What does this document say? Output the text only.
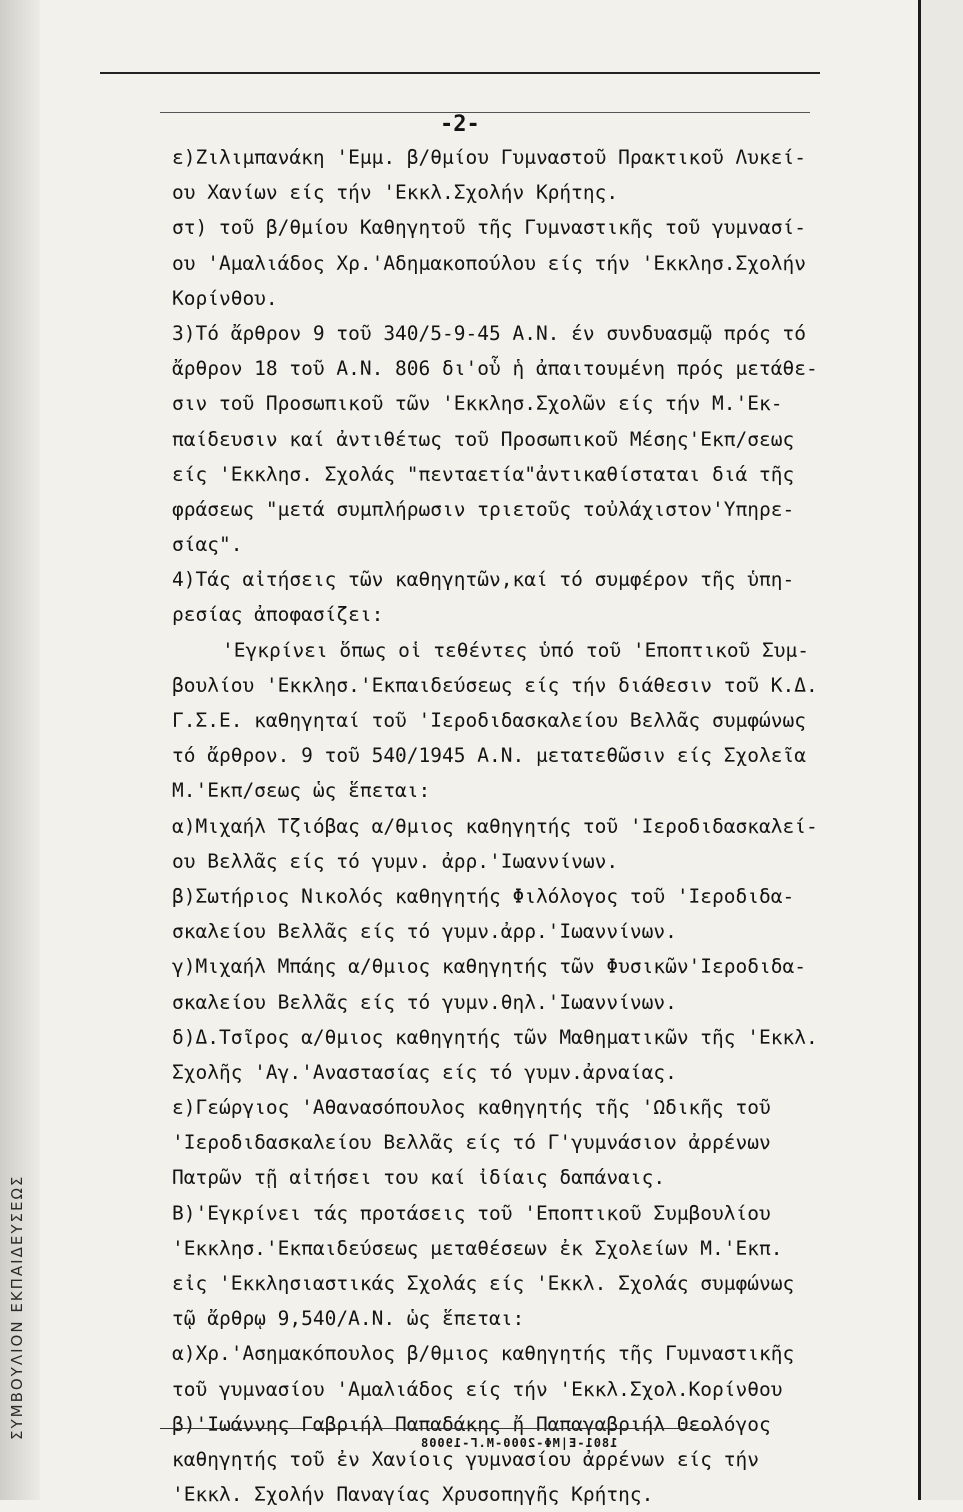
ΣΥΜΒΟΥΛΙΟΝ ΕΚΠΑΙΔΕΥΣΕΩΣ
-2-
ε)Ζιλιμπανάκη 'Εμμ. β/θμίου Γυμναστοῦ Πρακτικοῦ Λυκεί-
ου Χανίων είς τήν 'Εκκλ.Σχολήν Κρήτης.
στ) τοῦ β/θμίου Καθηγητοῦ τῆς Γυμναστικῆς τοῦ γυμνασί-
ου 'Αμαλιάδος Χρ.'Αδημακοπούλου είς τήν 'Εκκλησ.Σχολήν
Κορίνθου.
3)Τό ἄρθρον 9 τοῦ 340/5-9-45 Α.Ν. έν συνδυασμῷ πρός τό
ἄρθρον 18 τοῦ Α.Ν. 806 δι'οὗ ἡ ἀπαιτουμένη πρός μετάθε-
σιν τοῦ Προσωπικοῦ τῶν 'Εκκλησ.Σχολῶν είς τήν Μ.'Εκ-
παίδευσιν καί ἀντιθέτως τοῦ Προσωπικοῦ Μέσης'Εκπ/σεως
είς 'Εκκλησ. Σχολάς "πενταετία"ἀντικαθίσταται διά τῆς
φράσεως "μετά συμπλήρωσιν τριετοῦς τοὐλάχιστον'Υπηρε-
σίας".
4)Τάς αἰτήσεις τῶν καθηγητῶν,καί τό συμφέρον τῆς ὑπη-
ρεσίας ἀποφασίζει:
'Εγκρίνει ὅπως οἱ τεθέντες ὑπό τοῦ 'Εποπτικοῦ Συμ-
βουλίου 'Εκκλησ.'Εκπαιδεύσεως είς τήν διάθεσιν τοῦ Κ.Δ.
Γ.Σ.Ε. καθηγηταί τοῦ 'Ιεροδιδασκαλείου Βελλᾶς συμφώνως
τό ἄρθρον. 9 τοῦ 540/1945 Α.Ν. μετατεθῶσιν είς Σχολεῖα
Μ.'Εκπ/σεως ὡς ἕπεται:
α)Μιχαήλ Τζιόβας α/θμιος καθηγητής τοῦ 'Ιεροδιδασκαλεί-
ου Βελλᾶς είς τό γυμν. ἀρρ.'Ιωαννίνων.
β)Σωτήριος Νικολός καθηγητής Φιλόλογος τοῦ 'Ιεροδιδα-
σκαλείου Βελλᾶς είς τό γυμν.ἀρρ.'Ιωαννίνων.
γ)Μιχαήλ Μπάης α/θμιος καθηγητής τῶν Φυσικῶν'Ιεροδιδα-
σκαλείου Βελλᾶς είς τό γυμν.θηλ.'Ιωαννίνων.
δ)Δ.Τσῖρος α/θμιος καθηγητής τῶν Μαθηματικῶν τῆς 'Εκκλ.
Σχολῆς 'Αγ.'Αναστασίας είς τό γυμν.ἀρναίας.
ε)Γεώργιος 'Αθανασόπουλος καθηγητής τῆς 'Ωδικῆς τοῦ
'Ιεροδιδασκαλείου Βελλᾶς είς τό Γ'γυμνάσιον ἀρρένων
Πατρῶν τῇ αἰτήσει του καί ἰδίαις δαπάναις.
Β)'Εγκρίνει τάς προτάσεις τοῦ 'Εποπτικοῦ Συμβουλίου
'Εκκλησ.'Εκπαιδεύσεως μεταθέσεων ἐκ Σχολείων Μ.'Εκπ.
εἰς 'Εκκλησιαστικάς Σχολάς είς 'Εκκλ. Σχολάς συμφώνως
τῷ ἄρθρῳ 9,540/Α.Ν. ὡς ἕπεται:
α)Χρ.'Ασημακόπουλος β/θμιος καθηγητής τῆς Γυμναστικῆς
τοῦ γυμνασίου 'Αμαλιάδος είς τήν 'Εκκλ.Σχολ.Κορίνθου
β)'Ιωάννης Γαβριήλ Παπαδάκης ἤ Παπαγαβριήλ Θεολόγος
καθηγητής τοῦ ἐν Χανίοις γυμνασίου ἀρρένων είς τήν
'Εκκλ. Σχολήν Παναγίας Χρυσοπηγῆς Κρήτης.
1801-Ε|ΜΦ-2000-Μ.Γ-19008
